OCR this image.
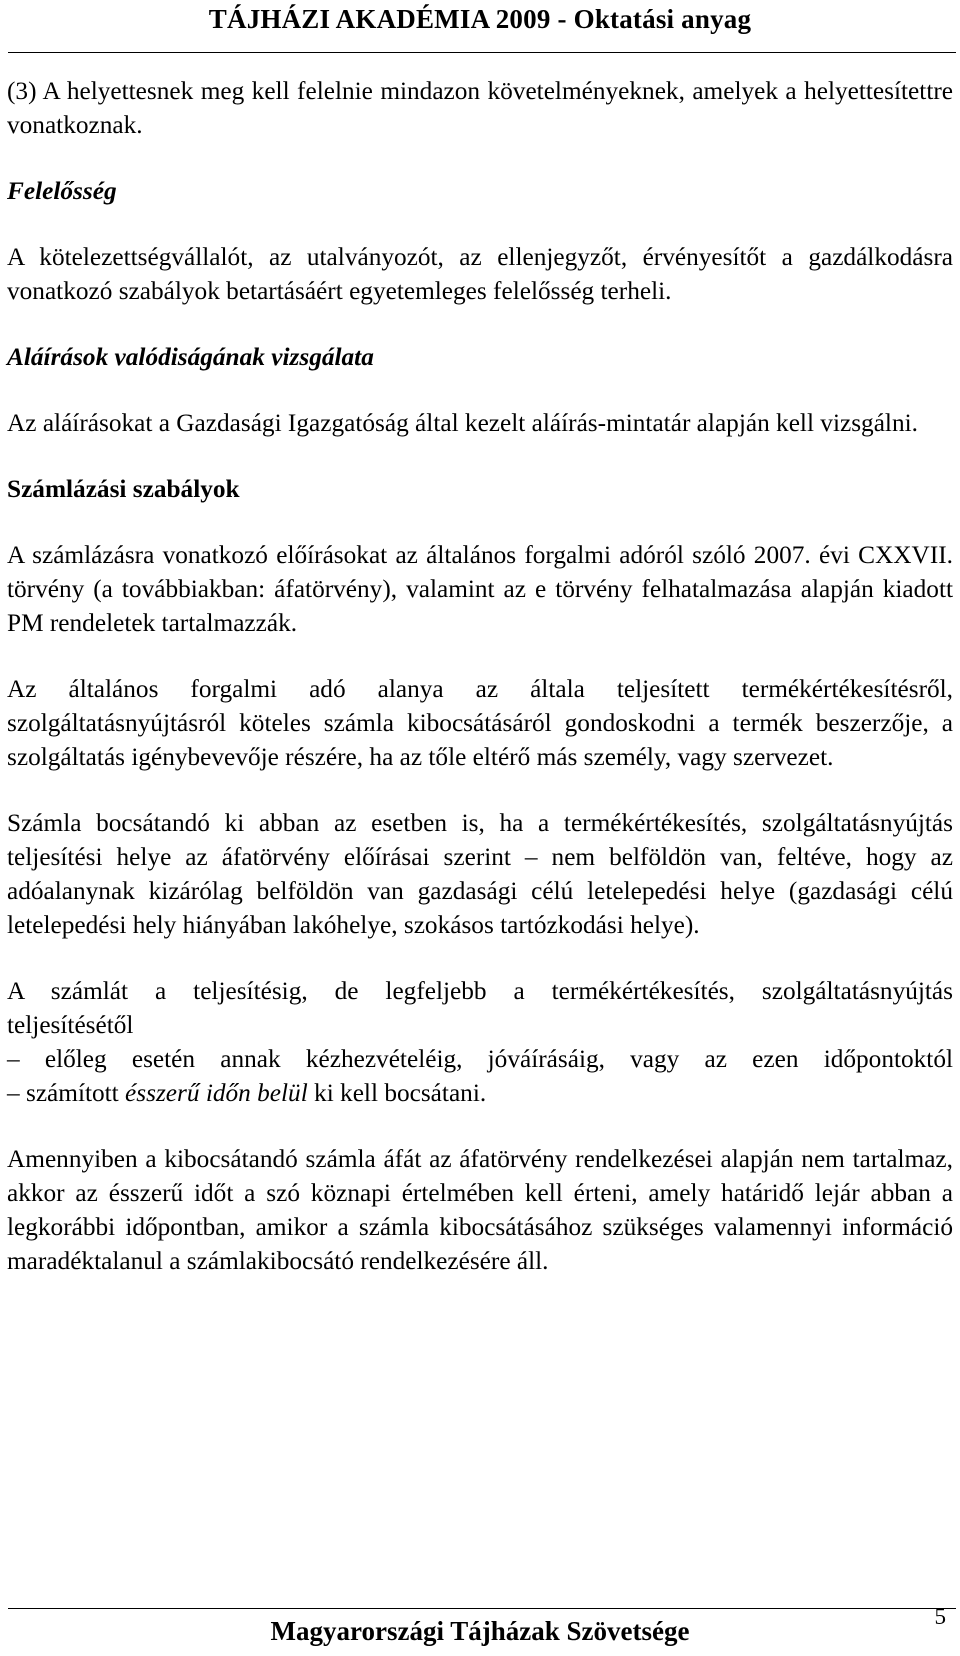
TÁJHÁZI AKADÉMIA 2009 - Oktatási anyag

(3) A helyettesnek meg kell felelnie mindazon követelményeknek, amelyek a helyettesítettre vonatkoznak.

Felelősség

A kötelezettségvállalót, az utalványozót, az ellenjegyzőt, érvényesítőt a gazdálkodásra vonatkozó szabályok betartásáért egyetemleges felelősség terheli.

Aláírások valódiságának vizsgálata

Az aláírásokat a Gazdasági Igazgatóság által kezelt aláírás-mintatár alapján kell vizsgálni.

Számlázási szabályok

A számlázásra vonatkozó előírásokat az általános forgalmi adóról szóló 2007. évi CXXVII. törvény (a továbbiakban: áfatörvény), valamint az e törvény felhatalmazása alapján kiadott PM rendeletek tartalmazzák.

Az általános forgalmi adó alanya az általa teljesített termékértékesítésről, szolgáltatásnyújtásról köteles számla kibocsátásáról gondoskodni a termék beszerzője, a szolgáltatás igénybevevője részére, ha az tőle eltérő más személy, vagy szervezet.

Számla bocsátandó ki abban az esetben is, ha a termékértékesítés, szolgáltatásnyújtás teljesítési helye az áfatörvény előírásai szerint – nem belföldön van, feltéve, hogy az adóalanynak kizárólag belföldön van gazdasági célú letelepedési helye (gazdasági célú letelepedési hely hiányában lakóhelye, szokásos tartózkodási helye).

A számlát a teljesítésig, de legfeljebb a termékértékesítés, szolgáltatásnyújtás

teljesítésétől

– előleg esetén annak kézhezvételéig, jóváírásáig, vagy az ezen időpontoktól

– számított ésszerű időn belül ki kell bocsátani.

Amennyiben a kibocsátandó számla áfát az áfatörvény rendelkezései alapján nem tartalmaz, akkor az ésszerű időt a szó köznapi értelmében kell érteni, amely határidő lejár abban a legkorábbi időpontban, amikor a számla kibocsátásához szükséges valamennyi információ maradéktalanul a számlakibocsátó rendelkezésére áll.

Magyarországi Tájházak Szövetsége	5
